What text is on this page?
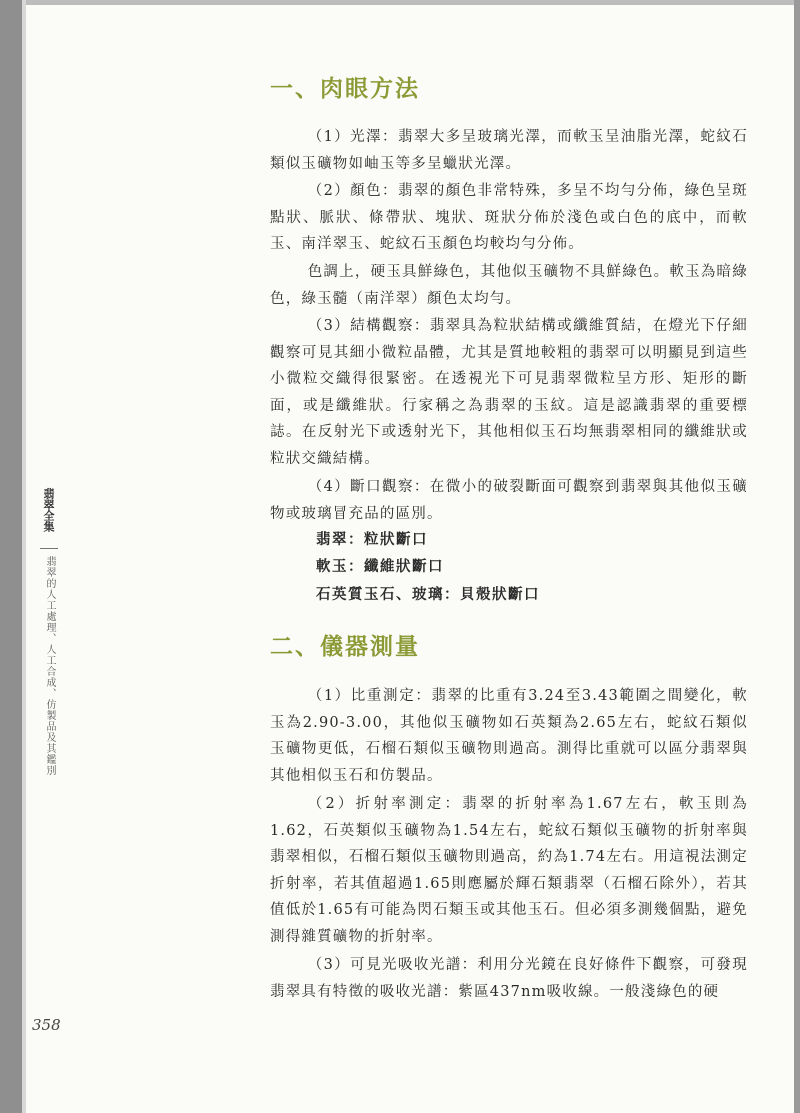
一、肉眼方法

（1）光澤：翡翠大多呈玻璃光澤，而軟玉呈油脂光澤，蛇紋石類似玉礦物如岫玉等多呈蠟狀光澤。

（2）顏色：翡翠的顏色非常特殊，多呈不均勻分佈，綠色呈斑點狀、脈狀、條帶狀、塊狀、斑狀分佈於淺色或白色的底中，而軟玉、南洋翠玉、蛇紋石玉顏色均較均勻分佈。

色調上，硬玉具鮮綠色，其他似玉礦物不具鮮綠色。軟玉為暗綠色，綠玉髓（南洋翠）顏色太均勻。

（3）結構觀察：翡翠具為粒狀結構或纖維質結，在燈光下仔細觀察可見其細小微粒晶體，尤其是質地較粗的翡翠可以明顯見到這些小微粒交織得很緊密。在透視光下可見翡翠微粒呈方形、矩形的斷面，或是纖維狀。行家稱之為翡翠的玉紋。這是認識翡翠的重要標誌。在反射光下或透射光下，其他相似玉石均無翡翠相同的纖維狀或粒狀交織結構。

（4）斷口觀察：在微小的破裂斷面可觀察到翡翠與其他似玉礦物或玻璃冒充品的區別。

翡翠：粒狀斷口

軟玉：纖維狀斷口

石英質玉石、玻璃：貝殼狀斷口

二、儀器測量

（1）比重測定：翡翠的比重有3.24至3.43範圍之間變化，軟玉為2.90-3.00，其他似玉礦物如石英類為2.65左右，蛇紋石類似玉礦物更低，石榴石類似玉礦物則過高。測得比重就可以區分翡翠與其他相似玉石和仿製品。

（2）折射率測定：翡翠的折射率為1.67左右，軟玉則為1.62，石英類似玉礦物為1.54左右，蛇紋石類似玉礦物的折射率與翡翠相似，石榴石類似玉礦物則過高，約為1.74左右。用這視法測定折射率，若其值超過1.65則應屬於輝石類翡翠（石榴石除外），若其值低於1.65有可能為閃石類玉或其他玉石。但必須多測幾個點，避免測得雜質礦物的折射率。

（3）可見光吸收光譜：利用分光鏡在良好條件下觀察，可發現翡翠具有特徵的吸收光譜：紫區437nm吸收線。一般淺綠色的硬

翡翠全集
翡翠的人工處理、人工合成、仿製品及其鑑別
358
